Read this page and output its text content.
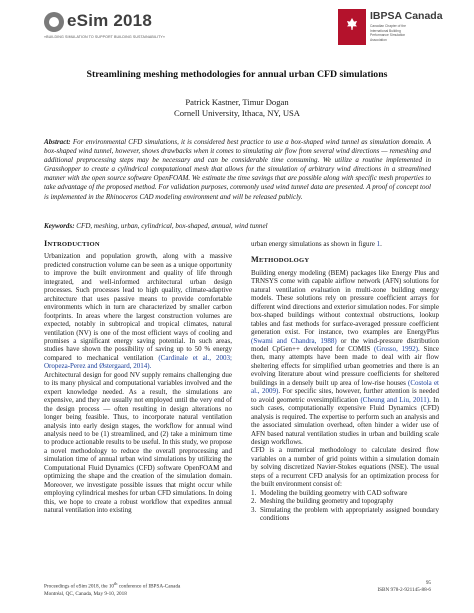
eSim 2018
«BUILDING SIMULATION TO SUPPORT BUILDING SUSTAINABILITY»
IBPSA Canada
Canadian Chapter of the
International Building
Performance Simulation
Association
Streamlining meshing methodologies for annual urban CFD simulations
Patrick Kastner, Timur Dogan
Cornell University, Ithaca, NY, USA
Abstract: For environmental CFD simulations, it is considered best practice to use a box-shaped wind tunnel as simulation domain. A box-shaped wind tunnel, however, shows drawbacks when it comes to simulating air flow from several wind directions — remeshing and additional preprocessing steps may be necessary and can be considerable time consuming. We utilize a routine implemented in Grasshopper to create a cylindrical computational mesh that allows for the simulation of arbitrary wind directions in a streamlined manner with the open source software OpenFOAM. We estimate the time savings that are possible along with specific mesh properties to take advantage of the proposed method. For validation purposes, commonly used wind tunnel data are presented. A proof of concept tool is implemented in the Rhinoceros CAD modeling environment and will be released publicly.
Keywords: CFD, meshing, urban, cylindrical, box-shaped, annual, wind tunnel
INTRODUCTION

Urbanization and population growth, along with a massive predicted construction volume can be seen as a unique opportunity to improve the built environment and quality of life through integrated, and well-informed architectural urban design processes. Such processes lead to high quality, climate-adaptive architecture that uses passive means to provide comfortable environments which in turn are characterized by smaller carbon footprints. In areas where the largest construction volumes are expected, notably in subtropical and tropical climates, natural ventilation (NV) is one of the most efficient ways of cooling and promises a significant energy saving potential. In such areas, studies have shown the possibility of saving up to 50 % energy compared to mechanical ventilation (Cardinale et al., 2003; Oropeza-Perez and Østergaard, 2014).

Architectural design for good NV supply remains challenging due to its many physical and computational variables involved and the expert knowledge needed. As a result, the simulations are expensive, and they are usually not employed until the very end of the design process — often resulting in design alterations no longer being feasible. Thus, to incorporate natural ventilation analysis into early design stages, the workflow for annual wind analysis need to be (1) streamlined, and (2) take a minimum time to produce actionable results to be useful. In this study, we propose a novel methodology to reduce the overall preprocessing and simulation time of annual urban wind simulations by utilizing the Computational Fluid Dynamics (CFD) software OpenFOAM and optimizing the shape and the creation of the simulation domain. Moreover, we investigate possible issues that might occur while employing cylindrical meshes for urban CFD simulations. In doing this, we hope to create a robust workflow that expedites annual natural ventilation into existing

urban energy simulations as shown in figure 1.

METHODOLOGY

Building energy modeling (BEM) packages like Energy Plus and TRNSYS come with capable airflow network (AFN) solutions for natural ventilation evaluation in multi-zone building energy models. These solutions rely on pressure coefficient arrays for different wind directions and exterior simulation nodes. For simple box-shaped buildings without contextual obstructions, lookup tables and fast methods for surface-averaged pressure coefficient generation exist. For instance, two examples are EnergyPlus (Swami and Chandra, 1988) or the wind-pressure distribution model CpGen++ developed for COMIS (Grosso, 1992). Since then, many attempts have been made to deal with air flow sheltering effects for simplified urban geometries and there is an evolving literature about wind pressure coefficients for sheltered buildings in a densely built up area of low-rise houses (Costola et al., 2009). For specific sites, however, further attention is needed to avoid geometric oversimplification (Cheung and Liu, 2011). In such cases, computationally expensive Fluid Dynamics (CFD) analysis is required. The expertise to perform such an analysis and the associated simulation overhead, often hinder a wider use of AFN based natural ventilation studies in urban and building scale design workflows.

CFD is a numerical methodology to calculate desired flow variables on a number of grid points within a simulation domain by solving discretized Navier-Stokes equations (NSE). The usual steps of a recurrent CFD analysis for an optimization process for the built environment consist of:

1. Modeling the building geometry with CAD software
2. Meshing the building geometry and topography
3. Simulating the problem with appropriately assigned boundary conditions
Proceedings of eSim 2018, the 10th conference of IBPSA-Canada
Montréal, QC, Canada, May 9-10, 2018
95
ISBN 978-2-921145-88-6
